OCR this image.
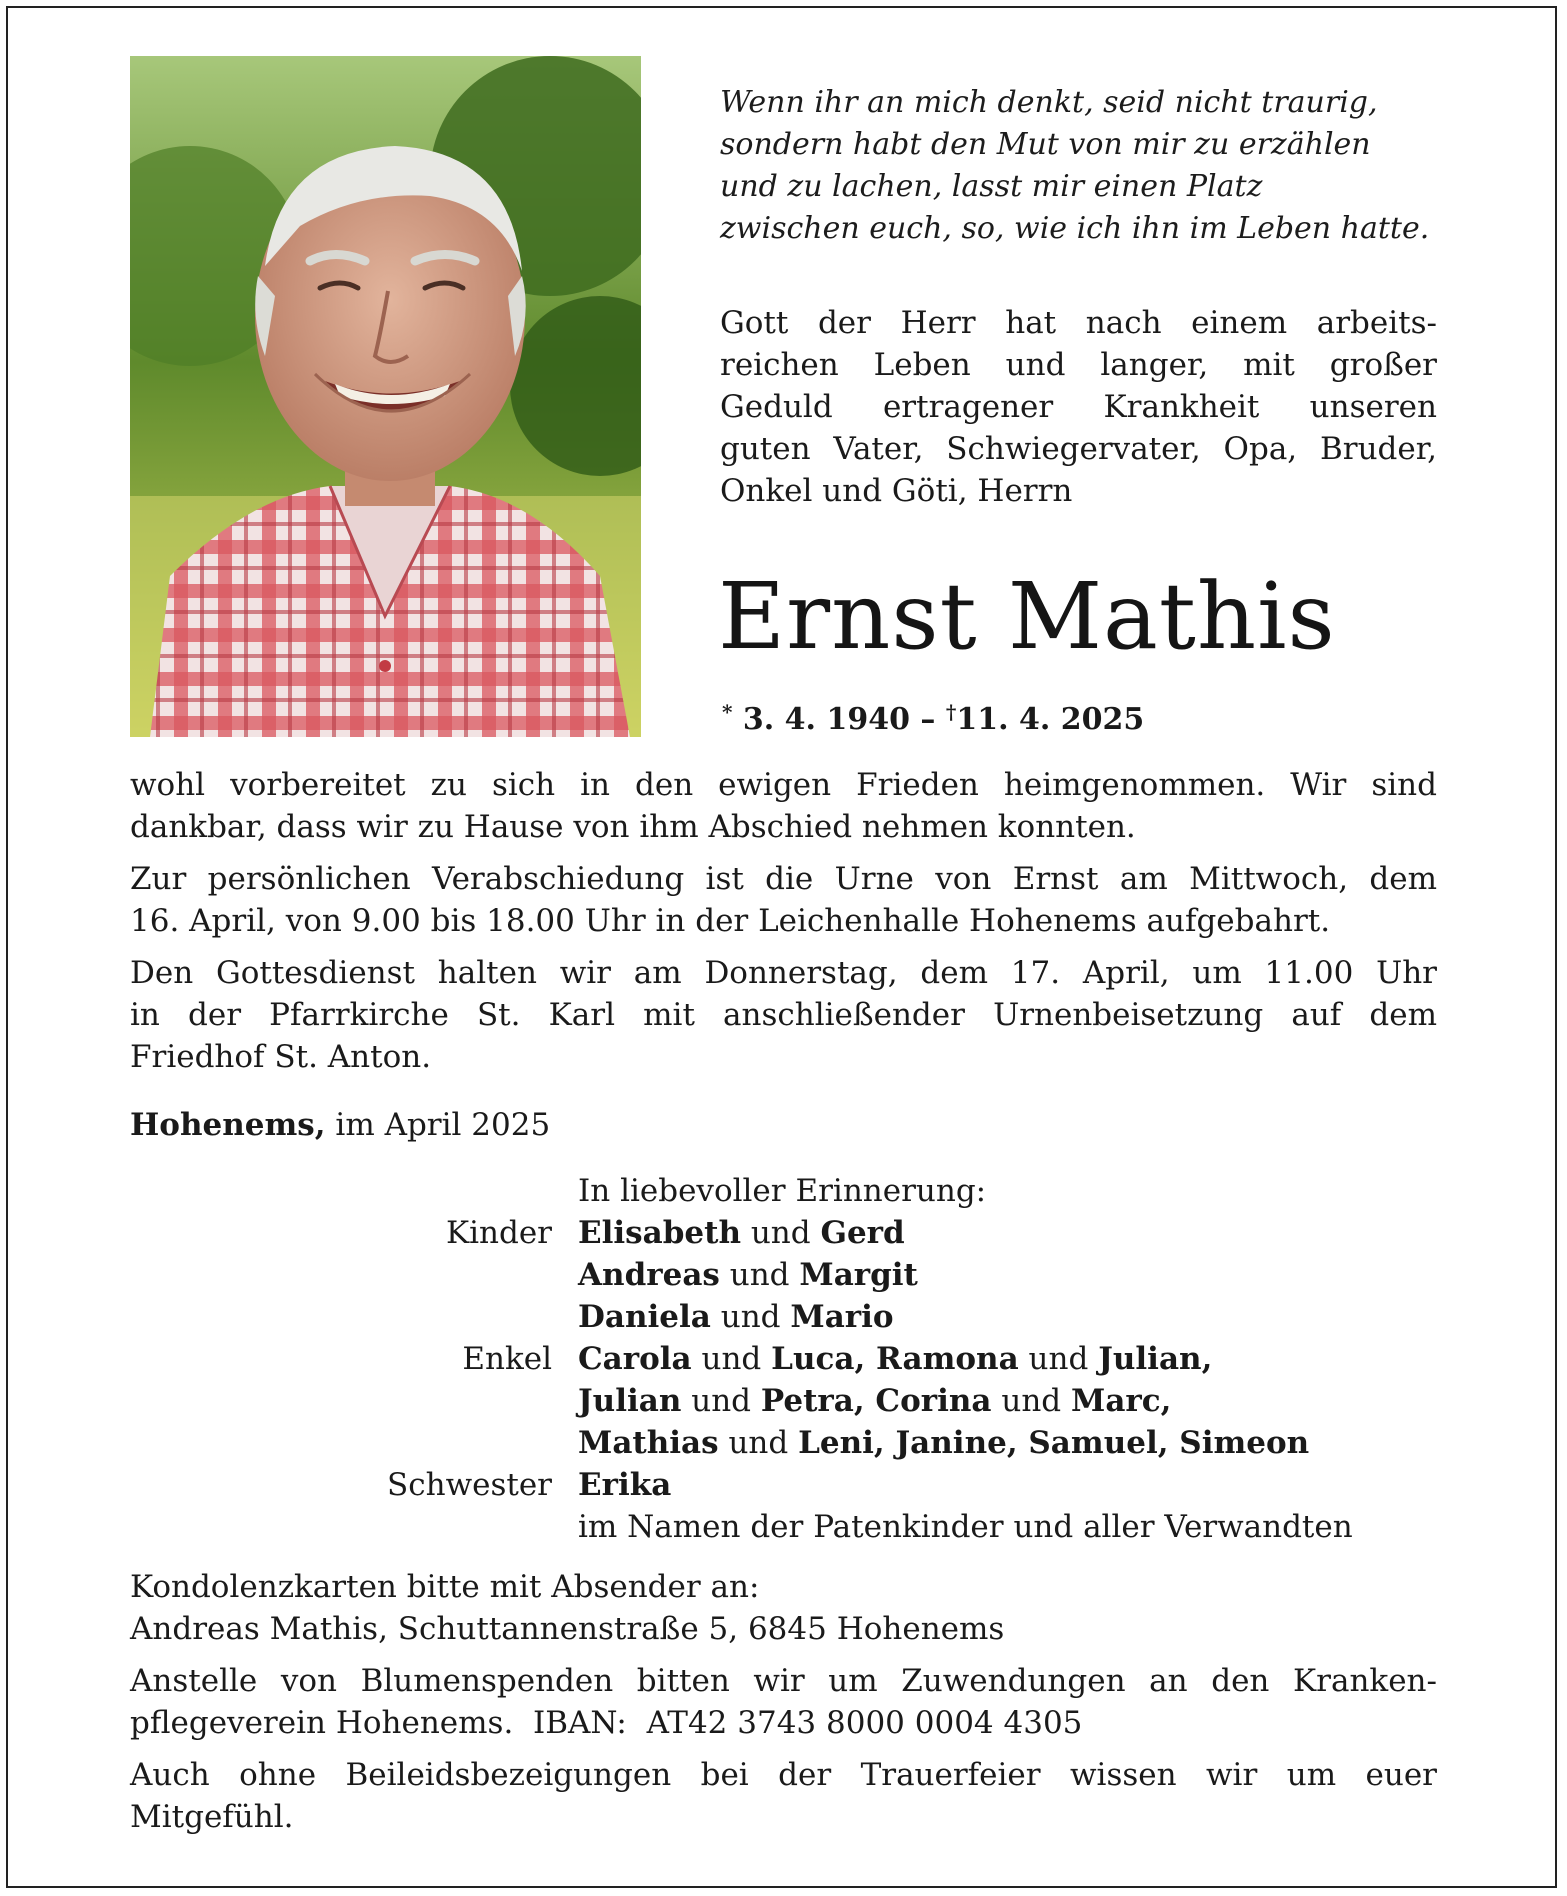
Wenn ihr an mich denkt, seid nicht traurig,
sondern habt den Mut von mir zu erzählen
und zu lachen, lasst mir einen Platz
zwischen euch, so, wie ich ihn im Leben hatte.
Gott der Herr hat nach einem arbeits-
reichen Leben und langer, mit großer
Geduld ertragener Krankheit unseren
guten Vater, Schwiegervater, Opa, Bruder,
Onkel und Göti, Herrn
Ernst Mathis
* 3. 4. 1940 – †11. 4. 2025
wohl vorbereitet zu sich in den ewigen Frieden heimgenommen. Wir sind
dankbar, dass wir zu Hause von ihm Abschied nehmen konnten.
Zur persönlichen Verabschiedung ist die Urne von Ernst am Mittwoch, dem
16. April, von 9.00 bis 18.00 Uhr in der Leichenhalle Hohenems aufgebahrt.
Den Gottesdienst halten wir am Donnerstag, dem 17. April, um 11.00 Uhr
in der Pfarrkirche St. Karl mit anschließender Urnenbeisetzung auf dem
Friedhof St. Anton.
Hohenems, im April 2025
In liebevoller Erinnerung:
Kinder Elisabeth und Gerd
Andreas und Margit
Daniela und Mario
Enkel Carola und Luca, Ramona und Julian,
Julian und Petra, Corina und Marc,
Mathias und Leni, Janine, Samuel, Simeon
Schwester Erika
im Namen der Patenkinder und aller Verwandten
Kondolenzkarten bitte mit Absender an:
Andreas Mathis, Schuttannenstraße 5, 6845 Hohenems
Anstelle von Blumenspenden bitten wir um Zuwendungen an den Kranken-
pflegeverein Hohenems.  IBAN:  AT42 3743 8000 0004 4305
Auch ohne Beileidsbezeigungen bei der Trauerfeier wissen wir um euer
Mitgefühl.
